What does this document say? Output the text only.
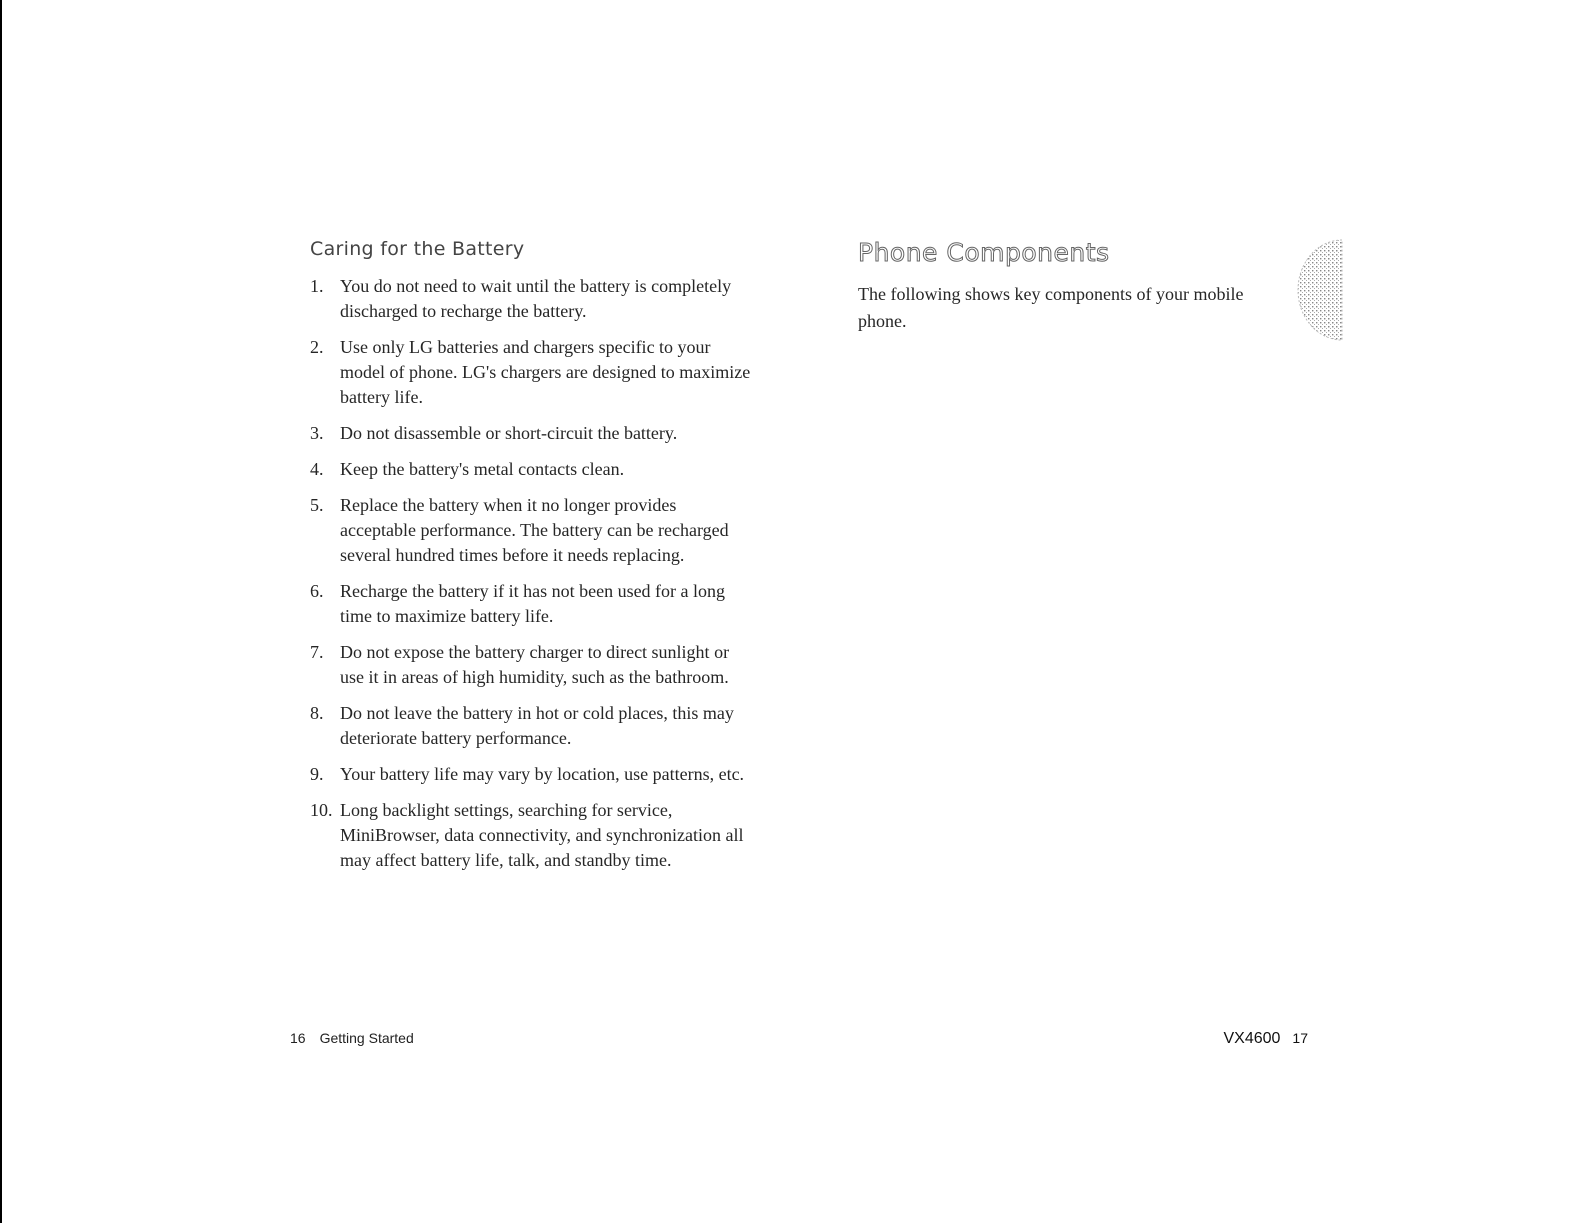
Caring for the Battery
1. You do not need to wait until the battery is completely discharged to recharge the battery.
2. Use only LG batteries and chargers specific to your model of phone. LG's chargers are designed to maximize battery life.
3. Do not disassemble or short-circuit the battery.
4. Keep the battery's metal contacts clean.
5. Replace the battery when it no longer provides acceptable performance. The battery can be recharged several hundred times before it needs replacing.
6. Recharge the battery if it has not been used for a long time to maximize battery life.
7. Do not expose the battery charger to direct sunlight or use it in areas of high humidity, such as the bathroom.
8. Do not leave the battery in hot or cold places, this may deteriorate battery performance.
9. Your battery life may vary by location, use patterns, etc.
10. Long backlight settings, searching for service, MiniBrowser, data connectivity, and synchronization all may affect battery life, talk, and standby time.
Phone Components

The following shows key components of your mobile phone.

16 Getting Started	VX4600 17
